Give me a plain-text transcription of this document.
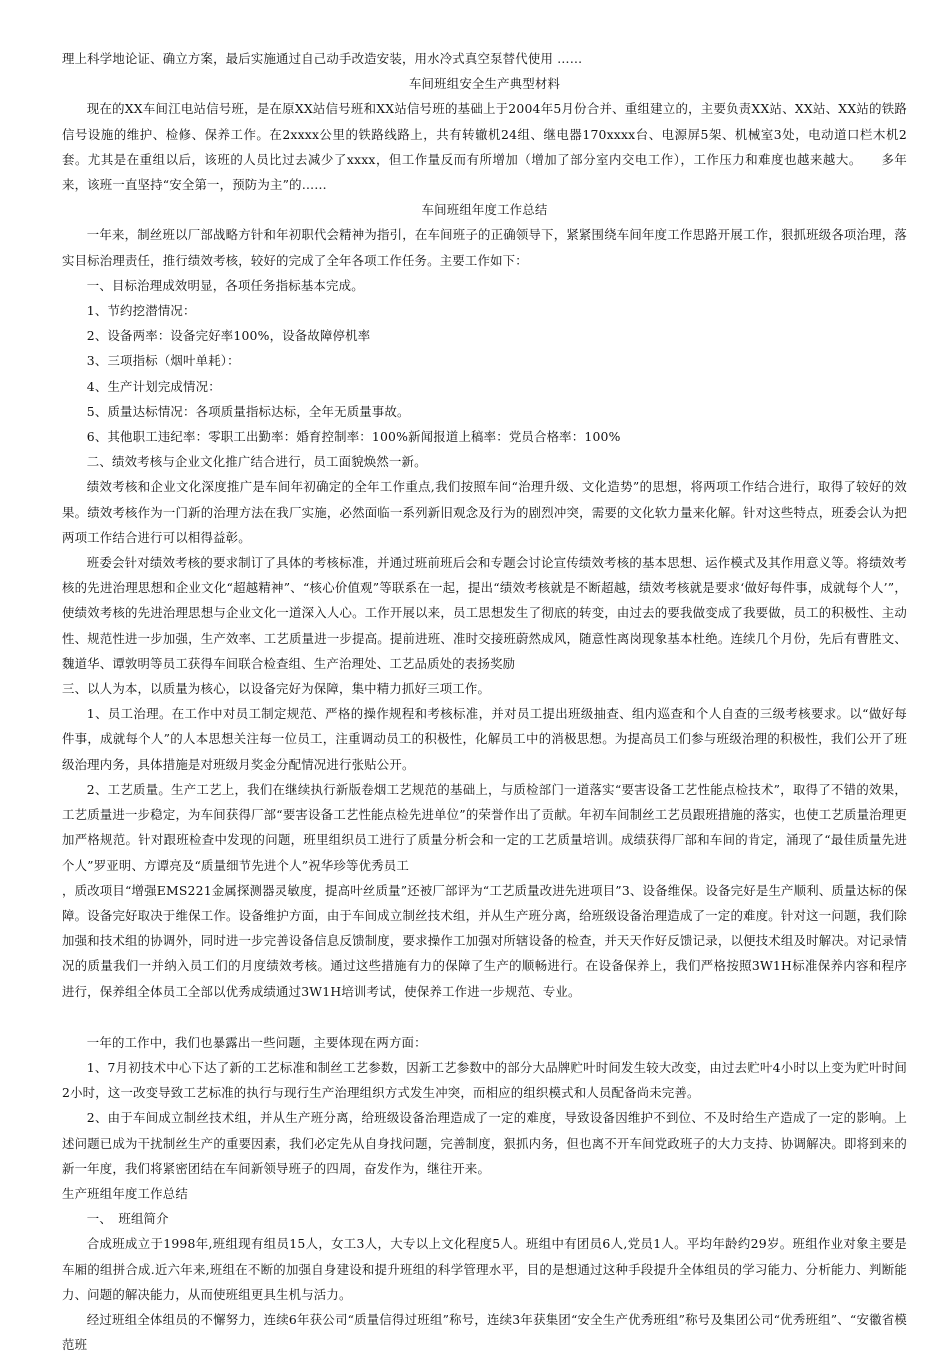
理上科学地论证、确立方案，最后实施通过自己动手改造安装，用水冷式真空泵替代使用 ……

车间班组安全生产典型材料

现在的XX车间江电站信号班，是在原XX站信号班和XX站信号班的基础上于2004年5月份合并、重组建立的，主要负责XX站、XX站、XX站的铁路信号设施的维护、检修、保养工作。在2xxxx公里的铁路线路上，共有转辙机24组、继电器170xxxx台、电源屏5架、机械室3处，电动道口栏木机2套。尤其是在重组以后，该班的人员比过去减少了xxxx，但工作量反而有所增加（增加了部分室内交电工作），工作压力和难度也越来越大。　　多年来，该班一直坚持“安全第一，预防为主”的……

车间班组年度工作总结

一年来，制丝班以厂部战略方针和年初职代会精神为指引，在车间班子的正确领导下，紧紧围绕车间年度工作思路开展工作，狠抓班级各项治理，落实目标治理责任，推行绩效考核，较好的完成了全年各项工作任务。主要工作如下：

一、目标治理成效明显，各项任务指标基本完成。

1、节约挖潜情况：

2、设备两率：设备完好率100%，设备故障停机率

3、三项指标（烟叶单耗）：

4、生产计划完成情况：

5、质量达标情况：各项质量指标达标，全年无质量事故。

6、其他职工违纪率：零职工出勤率：婚育控制率：100%新闻报道上稿率：党员合格率：100%

二、绩效考核与企业文化推广结合进行，员工面貌焕然一新。

绩效考核和企业文化深度推广是车间年初确定的全年工作重点,我们按照车间“治理升级、文化造势”的思想，将两项工作结合进行，取得了较好的效果。绩效考核作为一门新的治理方法在我厂实施，必然面临一系列新旧观念及行为的剧烈冲突，需要的文化软力量来化解。针对这些特点，班委会认为把两项工作结合进行可以相得益彰。

班委会针对绩效考核的要求制订了具体的考核标准，并通过班前班后会和专题会讨论宣传绩效考核的基本思想、运作模式及其作用意义等。将绩效考核的先进治理思想和企业文化“超越精神”、“核心价值观”等联系在一起，提出“绩效考核就是不断超越，绩效考核就是要求‘做好每件事，成就每个人’”，使绩效考核的先进治理思想与企业文化一道深入人心。工作开展以来，员工思想发生了彻底的转变，由过去的要我做变成了我要做，员工的积极性、主动性、规范性进一步加强，生产效率、工艺质量进一步提高。提前进班、准时交接班蔚然成风，随意性离岗现象基本杜绝。连续几个月份，先后有曹胜文、魏道华、谭敦明等员工获得车间联合检查组、生产治理处、工艺品质处的表扬奖励

三、以人为本，以质量为核心，以设备完好为保障，集中精力抓好三项工作。

1、员工治理。在工作中对员工制定规范、严格的操作规程和考核标准，并对员工提出班级抽查、组内巡查和个人自查的三级考核要求。以“做好每件事，成就每个人”的人本思想关注每一位员工，注重调动员工的积极性，化解员工中的消极思想。为提高员工们参与班级治理的积极性，我们公开了班级治理内务，具体措施是对班级月奖金分配情况进行张贴公开。

2、工艺质量。生产工艺上，我们在继续执行新版卷烟工艺规范的基础上，与质检部门一道落实“要害设备工艺性能点检技术”，取得了不错的效果，工艺质量进一步稳定，为车间获得厂部“要害设备工艺性能点检先进单位”的荣誉作出了贡献。年初车间制丝工艺员跟班措施的落实，也使工艺质量治理更加严格规范。针对跟班检查中发现的问题，班里组织员工进行了质量分析会和一定的工艺质量培训。成绩获得厂部和车间的肯定，涌现了“最佳质量先进个人”罗亚明、方谭亮及“质量细节先进个人”祝华珍等优秀员工

，质改项目“增强EMS221金属探测器灵敏度，提高叶丝质量”还被厂部评为“工艺质量改进先进项目”3、设备维保。设备完好是生产顺利、质量达标的保障。设备完好取决于维保工作。设备维护方面，由于车间成立制丝技术组，并从生产班分离，给班级设备治理造成了一定的难度。针对这一问题，我们除加强和技术组的协调外，同时进一步完善设备信息反馈制度，要求操作工加强对所辖设备的检查，并天天作好反馈记录，以便技术组及时解决。对记录情况的质量我们一并纳入员工们的月度绩效考核。通过这些措施有力的保障了生产的顺畅进行。在设备保养上，我们严格按照3W1H标准保养内容和程序进行，保养组全体员工全部以优秀成绩通过3W1H培训考试，使保养工作进一步规范、专业。

一年的工作中，我们也暴露出一些问题，主要体现在两方面：

1、7月初技术中心下达了新的工艺标准和制丝工艺参数，因新工艺参数中的部分大品牌贮叶时间发生较大改变，由过去贮叶4小时以上变为贮叶时间2小时，这一改变导致工艺标准的执行与现行生产治理组织方式发生冲突，而相应的组织模式和人员配备尚未完善。

2、由于车间成立制丝技术组，并从生产班分离，给班级设备治理造成了一定的难度，导致设备因维护不到位、不及时给生产造成了一定的影响。上述问题已成为干扰制丝生产的重要因素，我们必定先从自身找问题，完善制度，狠抓内务，但也离不开车间党政班子的大力支持、协调解决。即将到来的新一年度，我们将紧密团结在车间新领导班子的四周，奋发作为，继往开来。

生产班组年度工作总结

一、　班组简介

合成班成立于1998年,班组现有组员15人，女工3人，大专以上文化程度5人。班组中有团员6人,党员1人。平均年龄约29岁。班组作业对象主要是车厢的组拼合成.近六年来,班组在不断的加强自身建设和提升班组的科学管理水平，目的是想通过这种手段提升全体组员的学习能力、分析能力、判断能力、问题的解决能力，从而使班组更具生机与活力。

经过班组全体组员的不懈努力，连续6年获公司“质量信得过班组”称号，连续3年获集团“安全生产优秀班组”称号及集团公司“优秀班组”、“安徽省模范班
